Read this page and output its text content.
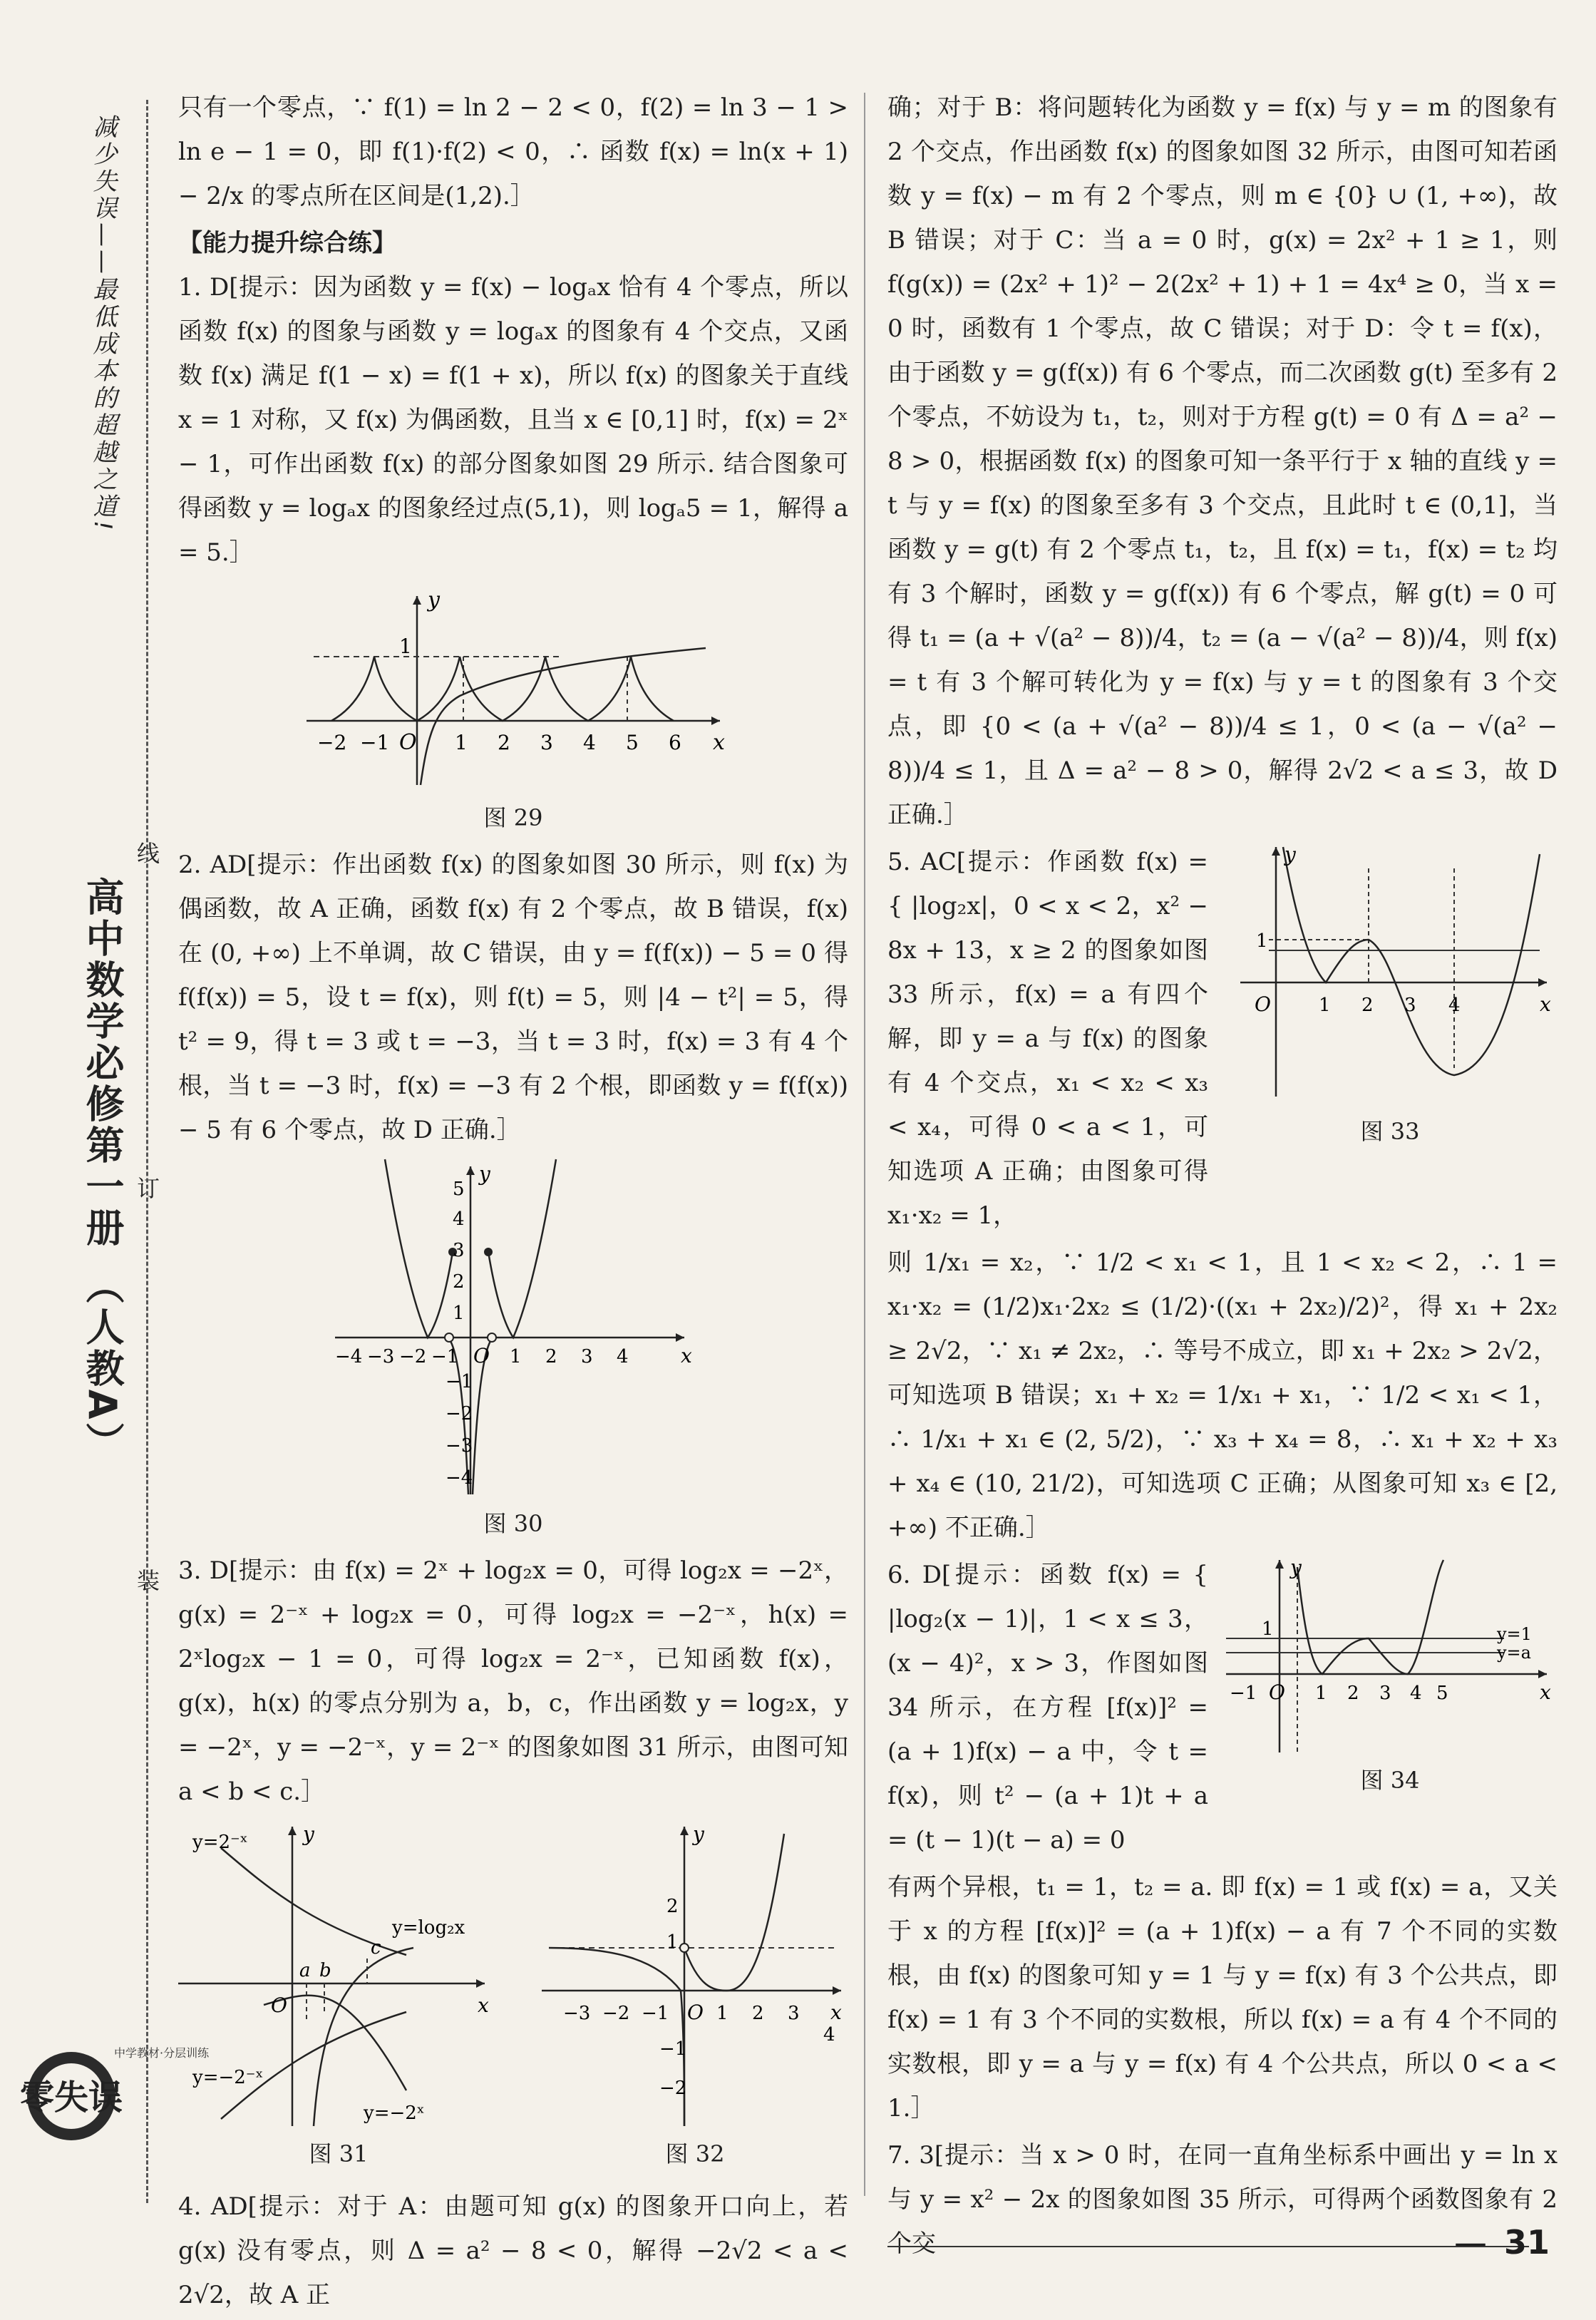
减少失误——最低成本的超越之道!
高中数学必修第一册 （人教A）
线
订
装
零失误
中学教材·分层训练

只有一个零点，∵ f(1) = ln 2 − 2 < 0，f(2) = ln 3 − 1 > ln e − 1 = 0，即 f(1)·f(2) < 0，∴ 函数 f(x) = ln(x + 1) − 2/x 的零点所在区间是(1,2).］

【能力提升综合练】

1. D[提示：因为函数 y = f(x) − logₐx 恰有 4 个零点，所以函数 f(x) 的图象与函数 y = logₐx 的图象有 4 个交点，又函数 f(x) 满足 f(1 − x) = f(1 + x)，所以 f(x) 的图象关于直线 x = 1 对称，又 f(x) 为偶函数，且当 x ∈ [0,1] 时，f(x) = 2ˣ − 1，可作出函数 f(x) 的部分图象如图 29 所示. 结合图象可得函数 y = logₐx 的图象经过点(5,1)，则 logₐ5 = 1，解得 a = 5.］

y
x
O
1
−2 −1	1 2 3 4 5 6

图 29

2. AD[提示：作出函数 f(x) 的图象如图 30 所示，则 f(x) 为偶函数，故 A 正确，函数 f(x) 有 2 个零点，故 B 错误，f(x) 在 (0, +∞) 上不单调，故 C 错误，由 y = f(f(x)) − 5 = 0 得 f(f(x)) = 5，设 t = f(x)，则 f(t) = 5，则 |4 − t²| = 5，得 t² = 9，得 t = 3 或 t = −3，当 t = 3 时，f(x) = 3 有 4 个根，当 t = −3 时，f(x) = −3 有 2 个根，即函数 y = f(f(x)) − 5 有 6 个零点，故 D 正确.］

y
x
O
−4 −3 −2 −1	1 2 3 4
5
4
3
2
1
−1
−2
−3
−4

图 30

3. D[提示：由 f(x) = 2ˣ + log₂x = 0，可得 log₂x = −2ˣ，g(x) = 2⁻ˣ + log₂x = 0，可得 log₂x = −2⁻ˣ，h(x) = 2ˣlog₂x − 1 = 0，可得 log₂x = 2⁻ˣ，已知函数 f(x)，g(x)，h(x) 的零点分别为 a，b，c，作出函数 y = log₂x，y = −2ˣ，y = −2⁻ˣ，y = 2⁻ˣ 的图象如图 31 所示，由图可知 a < b < c.］

y
x
O
a b
c
y=2⁻ˣ
y=log₂x
y=−2⁻ˣ
y=−2ˣ
图 31
y
x
O
−3 −2 −1	1 2 3
4
2
1
−1
−2
图 32

4. AD[提示：对于 A：由题可知 g(x) 的图象开口向上，若 g(x) 没有零点，则 Δ = a² − 8 < 0，解得 −2√2 < a < 2√2，故 A 正

确；对于 B：将问题转化为函数 y = f(x) 与 y = m 的图象有 2 个交点，作出函数 f(x) 的图象如图 32 所示，由图可知若函数 y = f(x) − m 有 2 个零点，则 m ∈ {0} ∪ (1, +∞)，故 B 错误；对于 C：当 a = 0 时，g(x) = 2x² + 1 ≥ 1，则 f(g(x)) = (2x² + 1)² − 2(2x² + 1) + 1 = 4x⁴ ≥ 0，当 x = 0 时，函数有 1 个零点，故 C 错误；对于 D：令 t = f(x)，由于函数 y = g(f(x)) 有 6 个零点，而二次函数 g(t) 至多有 2 个零点，不妨设为 t₁，t₂，则对于方程 g(t) = 0 有 Δ = a² − 8 > 0，根据函数 f(x) 的图象可知一条平行于 x 轴的直线 y = t 与 y = f(x) 的图象至多有 3 个交点，且此时 t ∈ (0,1]，当函数 y = g(t) 有 2 个零点 t₁，t₂，且 f(x) = t₁，f(x) = t₂ 均有 3 个解时，函数 y = g(f(x)) 有 6 个零点，解 g(t) = 0 可得 t₁ = (a + √(a² − 8))/4，t₂ = (a − √(a² − 8))/4，则 f(x) = t 有 3 个解可转化为 y = f(x) 与 y = t 的图象有 3 个交点，即 {0 < (a + √(a² − 8))/4 ≤ 1，0 < (a − √(a² − 8))/4 ≤ 1，且 Δ = a² − 8 > 0，解得 2√2 < a ≤ 3，故 D 正确.］

y
x
O
1
1 2 3 4
图 33

5. AC[提示：作函数 f(x) = { |log₂x|，0 < x < 2，x² − 8x + 13，x ≥ 2 的图象如图 33 所示，f(x) = a 有四个解，即 y = a 与 f(x) 的图象有 4 个交点，x₁ < x₂ < x₃ < x₄，可得 0 < a < 1，可知选项 A 正确；由图象可得 x₁·x₂ = 1，

则 1/x₁ = x₂，∵ 1/2 < x₁ < 1，且 1 < x₂ < 2，∴ 1 = x₁·x₂ = (1/2)x₁·2x₂ ≤ (1/2)·((x₁ + 2x₂)/2)²，得 x₁ + 2x₂ ≥ 2√2，∵ x₁ ≠ 2x₂，∴ 等号不成立，即 x₁ + 2x₂ > 2√2，可知选项 B 错误；x₁ + x₂ = 1/x₁ + x₁，∵ 1/2 < x₁ < 1，∴ 1/x₁ + x₁ ∈ (2, 5/2)，∵ x₃ + x₄ = 8，∴ x₁ + x₂ + x₃ + x₄ ∈ (10, 21/2)，可知选项 C 正确；从图象可知 x₃ ∈ [2, +∞) 不正确.］

y
x
O
1
−1	1 2 3 4 5
y=1
y=a
图 34

6. D[提示：函数 f(x) = { |log₂(x − 1)|，1 < x ≤ 3，(x − 4)²，x > 3，作图如图 34 所示，在方程 [f(x)]² = (a + 1)f(x) − a 中，令 t = f(x)，则 t² − (a + 1)t + a = (t − 1)(t − a) = 0

有两个异根，t₁ = 1，t₂ = a. 即 f(x) = 1 或 f(x) = a，又关于 x 的方程 [f(x)]² = (a + 1)f(x) − a 有 7 个不同的实数根，由 f(x) 的图象可知 y = 1 与 y = f(x) 有 3 个公共点，即 f(x) = 1 有 3 个不同的实数根，所以 f(x) = a 有 4 个不同的实数根，即 y = a 与 y = f(x) 有 4 个公共点，所以 0 < a < 1.］

7. 3[提示：当 x > 0 时，在同一直角坐标系中画出 y = ln x 与 y = x² − 2x 的图象如图 35 所示，可得两个函数图象有 2 个交	— 31
